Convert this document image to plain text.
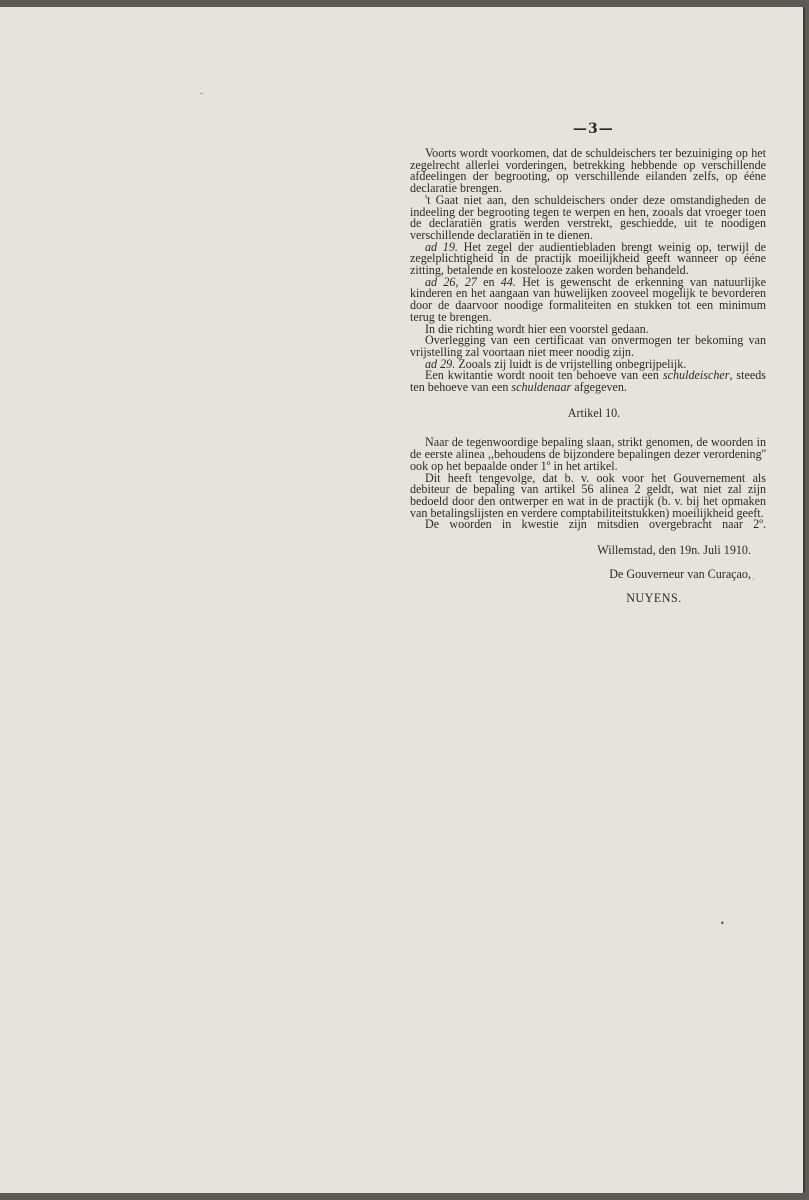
-
·
•
—3—

Voorts wordt voorkomen, dat de schuldeischers ter bezuiniging op het zegelrecht allerlei vorderingen, betrekking hebbende op verschillende afdeelingen der begrooting, op verschillende eilanden zelfs, op ééne declaratie brengen.

't Gaat niet aan, den schuldeischers onder deze omstandigheden de indeeling der begrooting tegen te werpen en hen, zooals dat vroeger toen de declaratiën gratis werden verstrekt, geschiedde, uit te noodigen verschillende declaratiën in te dienen.

ad 19. Het zegel der audientiebladen brengt weinig op, terwijl de zegelplichtigheid in de practijk moeilijkheid geeft wanneer op ééne zitting, betalende en kostelooze zaken worden behandeld.

ad 26, 27 en 44. Het is gewenscht de erkenning van natuurlijke kinderen en het aangaan van huwelijken zooveel mogelijk te bevorderen door de daarvoor noodige formaliteiten en stukken tot een minimum terug te brengen.

In die richting wordt hier een voorstel gedaan.

Overlegging van een certificaat van onvermogen ter bekoming van vrijstelling zal voortaan niet meer noodig zijn.

ad 29. Zooals zij luidt is de vrijstelling onbegrijpelijk.

Een kwitantie wordt nooit ten behoeve van een schuldeischer, steeds ten behoeve van een schuldenaar afgegeven.

Artikel 10.

Naar de tegenwoordige bepaling slaan, strikt genomen, de woorden in de eerste alinea ,,behoudens de bijzondere bepalingen dezer verordening'' ook op het bepaalde onder 1º in het artikel.

Dit heeft tengevolge, dat b. v. ook voor het Gouvernement als debiteur de bepaling van artikel 56 alinea 2 geldt, wat niet zal zijn bedoeld door den ontwerper en wat in de practijk (b. v. bij het opmaken van betalingslijsten en verdere comptabiliteitstukken) moeilijkheid geeft.

De woorden in kwestie zijn mitsdien overgebracht naar 2º.

Willemstad, den 19n. Juli 1910.
De Gouverneur van Curaçao,
NUYENS.
